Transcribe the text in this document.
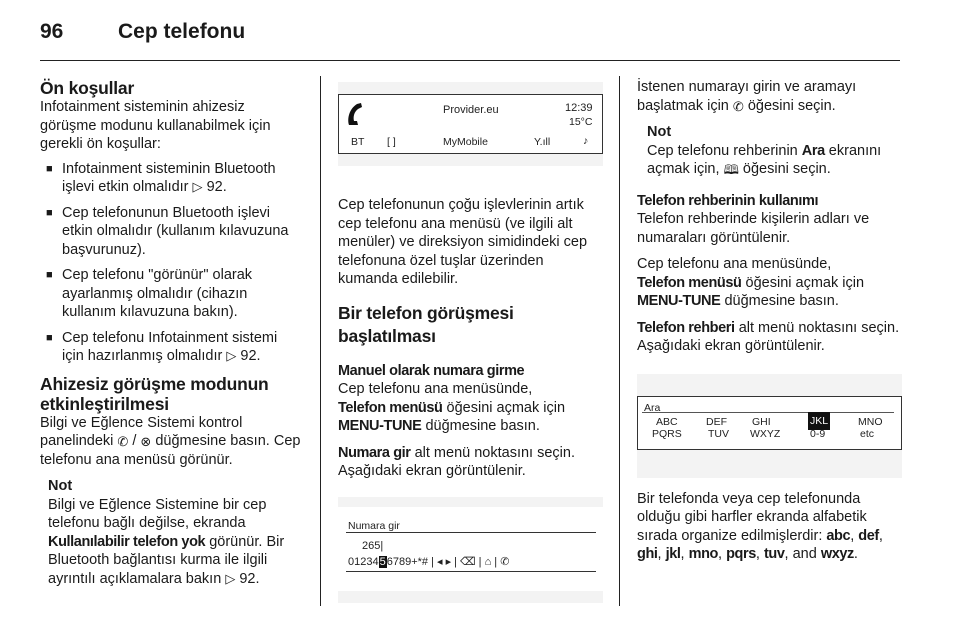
96	Cep telefonu
Ön koşullar

Infotainment sisteminin ahizesiz görüşme modunu kullanabilmek için gerekli ön koşullar:

■ Infotainment sisteminin Bluetooth işlevi etkin olmalıdır ▷ 92.
■ Cep telefonunun Bluetooth işlevi etkin olmalıdır (kullanım kılavuzuna başvurunuz).
■ Cep telefonu "görünür" olarak ayarlanmış olmalıdır (cihazın kullanım kılavuzuna bakın).
■ Cep telefonu Infotainment sistemi için hazırlanmış olmalıdır ▷ 92.
Ahizesiz görüşme modunun
etkinleştirilmesi

Bilgi ve Eğlence Sistemi kontrol panelindeki ✆ / ⊗ düğmesine basın. Cep telefonu ana menüsü görünür.

Not

Bilgi ve Eğlence Sistemine bir cep telefonu bağlı değilse, ekranda Kullanılabilir telefon yok görünür. Bir Bluetooth bağlantısı kurma ile ilgili ayrıntılı açıklamalara bakın ▷ 92.

BT [ ]
Provider.eu
MyMobile
12:39
15°C
Y.ıll	♪

Cep telefonunun çoğu işlevlerinin artık cep telefonu ana menüsü (ve ilgili alt menüler) ve direksiyon simidindeki cep telefonuna özel tuşlar üzerinden kumanda edilebilir.

Bir telefon görüşmesi
başlatılması
Manuel olarak numara girme

Cep telefonu ana menüsünde,
Telefon menüsü öğesini açmak için
MENU-TUNE düğmesine basın.

Numara gir alt menü noktasını seçin.
Aşağıdaki ekran görüntülenir.

Numara gir
265|
0123456789+*# | ◂ ▸ | ⌫ | ⌂ | ✆

İstenen numarayı girin ve aramayı başlatmak için ✆ öğesini seçin.

Not

Cep telefonu rehberinin Ara ekranını açmak için, 🕮 öğesini seçin.

Telefon rehberinin kullanımı

Telefon rehberinde kişilerin adları ve numaraları görüntülenir.

Cep telefonu ana menüsünde,
Telefon menüsü öğesini açmak için
MENU-TUNE düğmesine basın.

Telefon rehberi alt menü noktasını seçin. Aşağıdaki ekran görüntülenir.

Ara
ABC
PQRS
DEF
TUV
GHI
WXYZ
JKL
0-9
MNO
etc

Bir telefonda veya cep telefonunda olduğu gibi harfler ekranda alfabetik sırada organize edilmişlerdir: abc, def, ghi, jkl, mno, pqrs, tuv, and wxyz.
